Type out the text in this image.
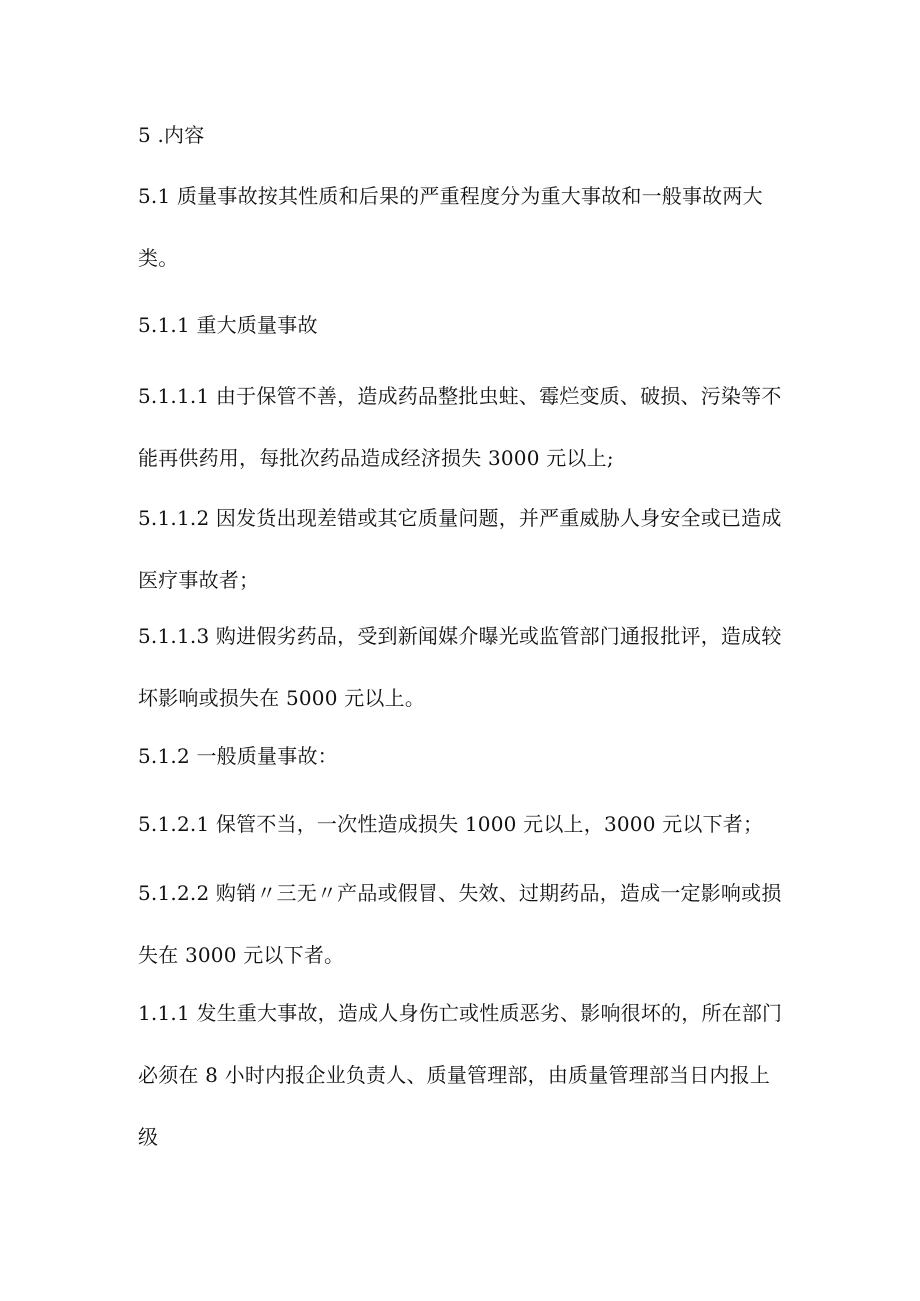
5 .内容

5.1 质量事故按其性质和后果的严重程度分为重大事故和一般事故两大类。

5.1.1 重大质量事故

5.1.1.1 由于保管不善，造成药品整批虫蛀、霉烂变质、破损、污染等不能再供药用，每批次药品造成经济损失 3000 元以上;

5.1.1.2 因发货出现差错或其它质量问题，并严重威胁人身安全或已造成医疗事故者；

5.1.1.3 购进假劣药品，受到新闻媒介曝光或监管部门通报批评，造成较坏影响或损失在 5000 元以上。

5.1.2 一般质量事故：

5.1.2.1 保管不当，一次性造成损失 1000 元以上，3000 元以下者；

5.1.2.2 购销〃三无〃产品或假冒、失效、过期药品，造成一定影响或损失在 3000 元以下者。

1.1.1 发生重大事故，造成人身伤亡或性质恶劣、影响很坏的，所在部门必须在 8 小时内报企业负责人、质量管理部，由质量管理部当日内报上级
